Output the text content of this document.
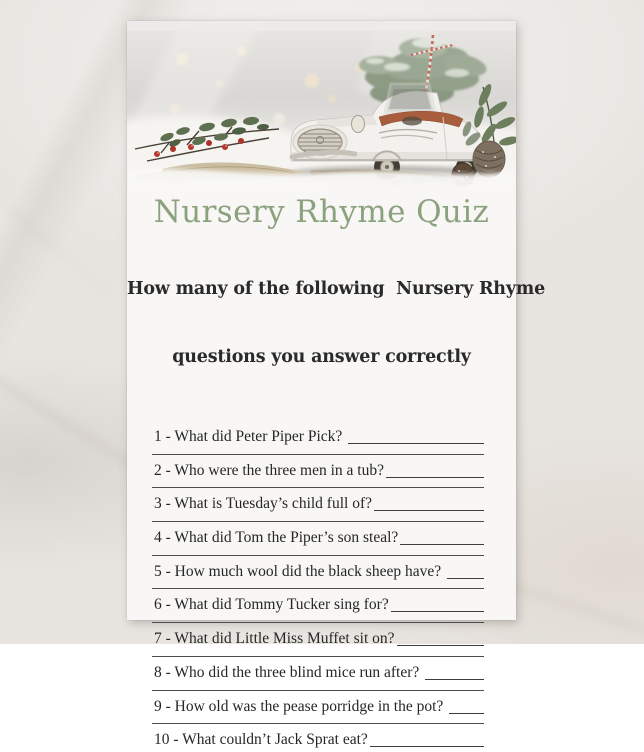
Nursery Rhyme Quiz

How many of the following  Nursery Rhyme

questions you answer correctly

1 - What did Peter Piper Pick?
2 - Who were the three men in a tub?
3 - What is Tuesday’s child full of?
4 - What did Tom the Piper’s son steal?
5 - How much wool did the black sheep have?
6 - What did Tommy Tucker sing for?
7 - What did Little Miss Muffet sit on?
8 - Who did the three blind mice run after?
9 - How old was the pease porridge in the pot?
10 - What couldn’t Jack Sprat eat?
